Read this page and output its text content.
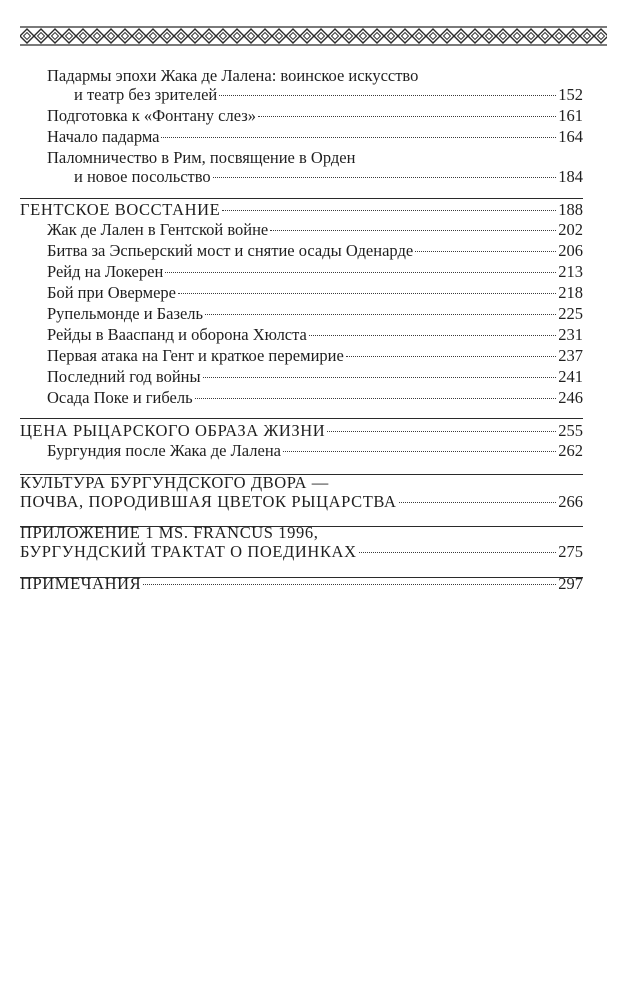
Падармы эпохи Жака де Лалена: воинское искусство
и театр без зрителей	152
Подготовка к «Фонтану слез»	161
Начало падарма	164
Паломничество в Рим, посвящение в Орден
и новое посольство	184
ГЕНТСКОЕ ВОССТАНИЕ	188
Жак де Лален в Гентской войне	202
Битва за Эспьерский мост и снятие осады Оденарде	206
Рейд на Локерен	213
Бой при Овермере	218
Рупельмонде и Базель	225
Рейды в Вааспанд и оборона Хюлста	231
Первая атака на Гент и краткое перемирие	237
Последний год войны	241
Осада Поке и гибель	246
ЦЕНА РЫЦАРСКОГО ОБРАЗА ЖИЗНИ	255
Бургундия после Жака де Лалена	262
КУЛЬТУРА БУРГУНДСКОГО ДВОРА —
ПОЧВА, ПОРОДИВШАЯ ЦВЕТОК РЫЦАРСТВА	266
ПРИЛОЖЕНИЕ 1 MS. FRANCUS 1996,
БУРГУНДСКИЙ ТРАКТАТ О ПОЕДИНКАХ	275
ПРИМЕЧАНИЯ	297
